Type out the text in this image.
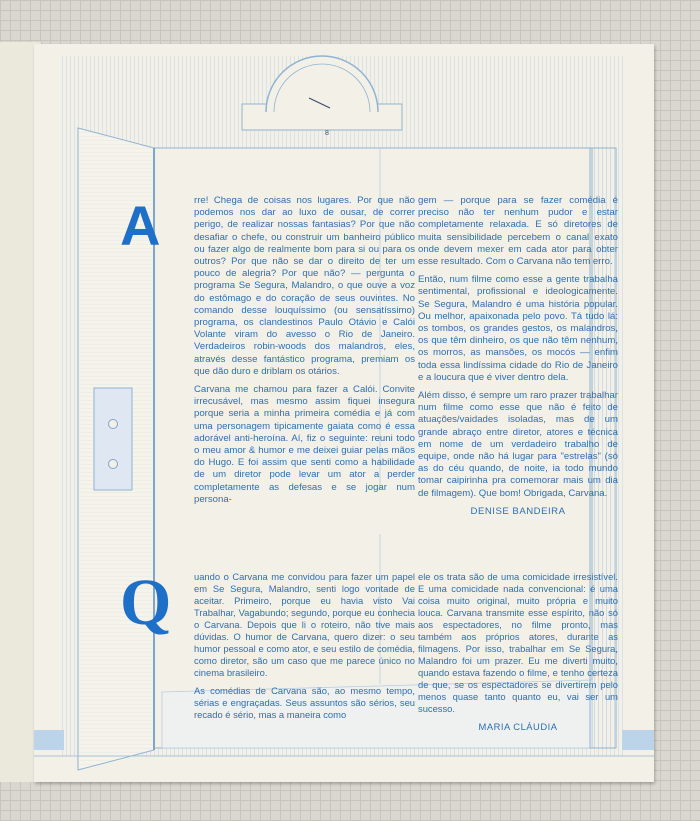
8
A
Q

rre! Chega de coisas nos lugares. Por que não podemos nos dar ao luxo de ousar, de correr perigo, de realizar nossas fantasias? Por que não desafiar o chefe, ou construir um banheiro público ou fazer algo de realmente bom para si ou para os outros? Por que não se dar o direito de ter um pouco de alegria? Por que não? — pergunta o programa Se Segura, Malandro, o que ouve a voz do estômago e do coração de seus ouvintes. No comando desse louquíssimo (ou sensatíssimo) programa, os clandestinos Paulo Otávio e Calói Volante viram do avesso o Rio de Janeiro. Verdadeiros robin-woods dos malandros, eles, através desse fantástico programa, premiam os que dão duro e driblam os otários.

Carvana me chamou para fazer a Calói. Convite irrecusável, mas mesmo assim fiquei insegura porque seria a minha primeira comédia e já com uma personagem tipicamente gaiata como é essa adorável anti-heroína. Aí, fiz o seguinte: reuni todo o meu amor & humor e me deixei guiar pelas mãos do Hugo. E foi assim que senti como a habilidade de um diretor pode levar um ator a perder completamente as defesas e se jogar num persona-

gem — porque para se fazer comédia é preciso não ter nenhum pudor e estar completamente relaxada. E só diretores de muita sensibilidade percebem o canal exato onde devem mexer em cada ator para obter esse resultado. Com o Carvana não tem erro.

Então, num filme como esse a gente trabalha sentimental, profissional e ideologicamente. Se Segura, Malandro é uma história popular. Ou melhor, apaixonada pelo povo. Tá tudo lá: os tombos, os grandes gestos, os malandros, os que têm dinheiro, os que não têm nenhum, os morros, as mansões, os mocós — enfim toda essa lindíssima cidade do Rio de Janeiro e a loucura que é viver dentro dela.

Além disso, é sempre um raro prazer trabalhar num filme como esse que não é feito de atuações/vaidades isoladas, mas de um grande abraço entre diretor, atores e técnica em nome de um verdadeiro trabalho de equipe, onde não há lugar para "estrelas" (só as do céu quando, de noite, ia todo mundo tomar caipirinha pra comemorar mais um dia de filmagem). Que bom! Obrigada, Carvana.

DENISE BANDEIRA

uando o Carvana me convidou para fazer um papel em Se Segura, Malandro, senti logo vontade de aceitar. Primeiro, porque eu havia visto Vai Trabalhar, Vagabundo; segundo, porque eu conhecia o Carvana. Depois que li o roteiro, não tive mais dúvidas. O humor de Carvana, quero dizer: o seu humor pessoal e como ator, e seu estilo de comédia, como diretor, são um caso que me parece único no cinema brasileiro.

As comédias de Carvana são, ao mesmo tempo, sérias e engraçadas. Seus assuntos são sérios, seu recado é sério, mas a maneira como

ele os trata são de uma comicidade irresistível. E uma comicidade nada convencional: é uma coisa muito original, muito própria e muito louca. Carvana transmite esse espírito, não só aos espectadores, no filme pronto, mas também aos próprios atores, durante as filmagens. Por isso, trabalhar em Se Segura, Malandro foi um prazer. Eu me diverti muito, quando estava fazendo o filme, e tenho certeza de que, se os espectadores se divertirem pelo menos quase tanto quanto eu, vai ser um sucesso.

MARIA CLÁUDIA
